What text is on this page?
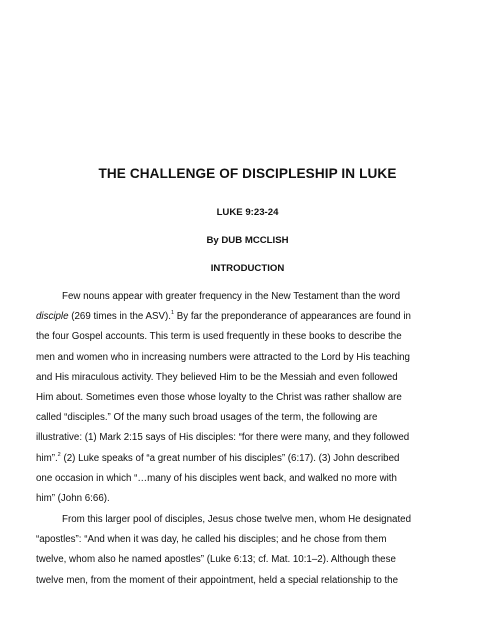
THE CHALLENGE OF DISCIPLESHIP IN LUKE

LUKE 9:23-24

By DUB MCCLISH

INTRODUCTION

Few nouns appear with greater frequency in the New Testament than the word
disciple (269 times in the ASV).$^1$ By far the preponderance of appearances are found in
the four Gospel accounts. This term is used frequently in these books to describe the
men and women who in increasing numbers were attracted to the Lord by His teaching
and His miraculous activity. They believed Him to be the Messiah and even followed
Him about. Sometimes even those whose loyalty to the Christ was rather shallow are
called “disciples.” Of the many such broad usages of the term, the following are
illustrative: (1) Mark 2:15 says of His disciples: “for there were many, and they followed
him”.$^2$ (2) Luke speaks of “a great number of his disciples” (6:17). (3) John described
one occasion in which “…many of his disciples went back, and walked no more with
him” (John 6:66).
From this larger pool of disciples, Jesus chose twelve men, whom He designated
“apostles”: “And when it was day, he called his disciples; and he chose from them
twelve, whom also he named apostles” (Luke 6:13; cf. Mat. 10:1–2). Although these
twelve men, from the moment of their appointment, held a special relationship to the
